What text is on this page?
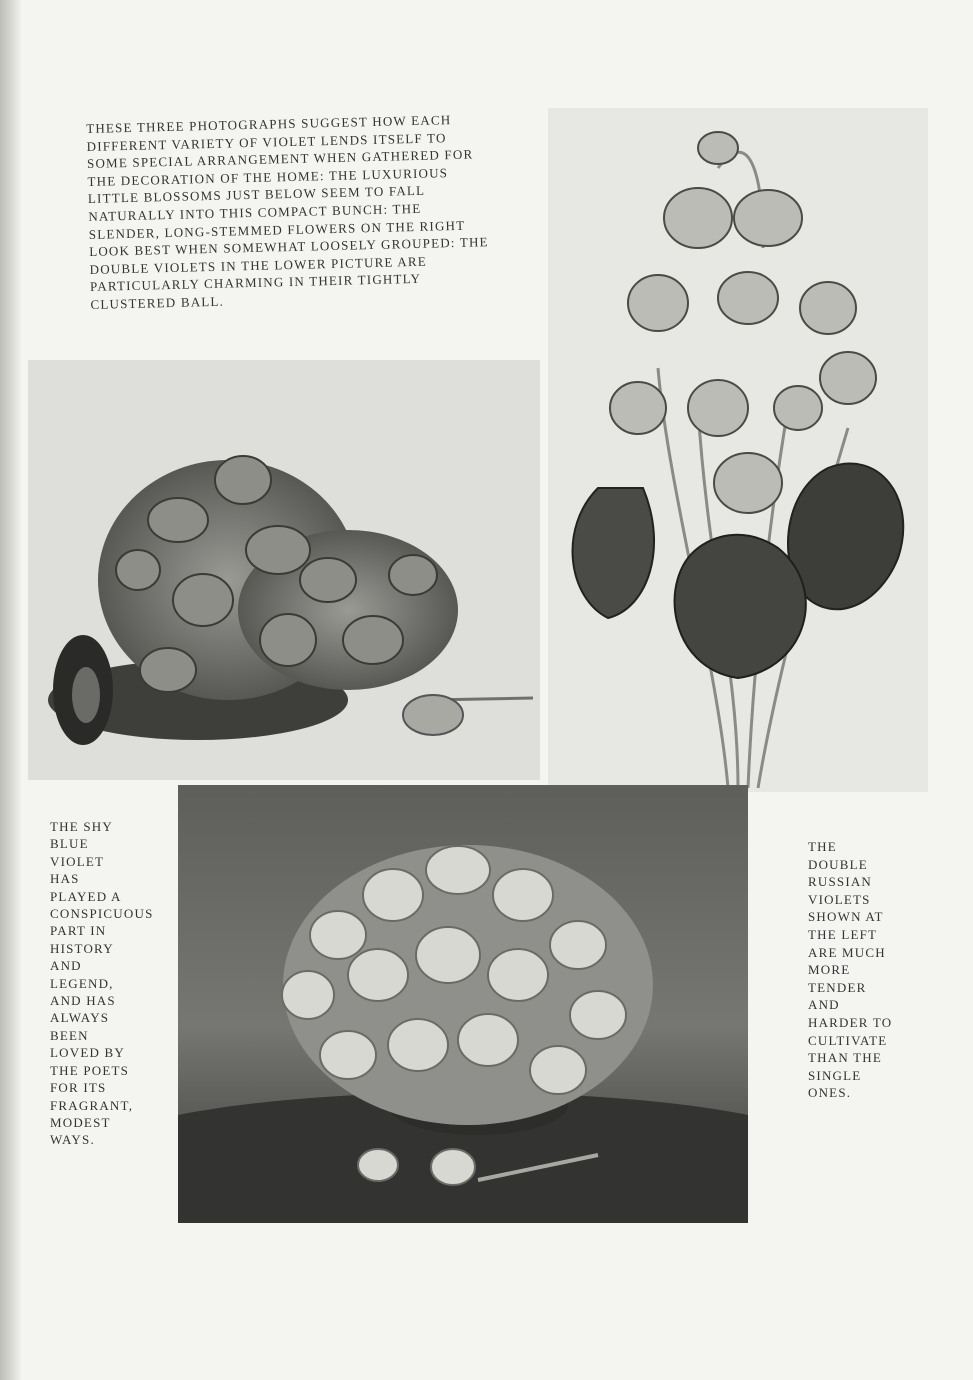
THESE THREE PHOTOGRAPHS SUGGEST HOW EACH DIFFERENT VARIETY OF VIOLET LENDS ITSELF TO SOME SPECIAL ARRANGEMENT WHEN GATHERED FOR THE DECORATION OF THE HOME: THE LUXURIOUS LITTLE BLOSSOMS JUST BELOW SEEM TO FALL NATURALLY INTO THIS COMPACT BUNCH: THE SLENDER, LONG-STEMMED FLOWERS ON THE RIGHT LOOK BEST WHEN SOMEWHAT LOOSELY GROUPED: THE DOUBLE VIOLETS IN THE LOWER PICTURE ARE PARTICULARLY CHARMING IN THEIR TIGHTLY CLUSTERED BALL.
THE SHY BLUE VIOLET HAS PLAYED A CONSPICUOUS PART IN HISTORY AND LEGEND, AND HAS ALWAYS BEEN LOVED BY THE POETS FOR ITS FRAGRANT, MODEST WAYS.
THE DOUBLE RUSSIAN VIOLETS SHOWN AT THE LEFT ARE MUCH MORE TENDER AND HARDER TO CULTIVATE THAN THE SINGLE ONES.
